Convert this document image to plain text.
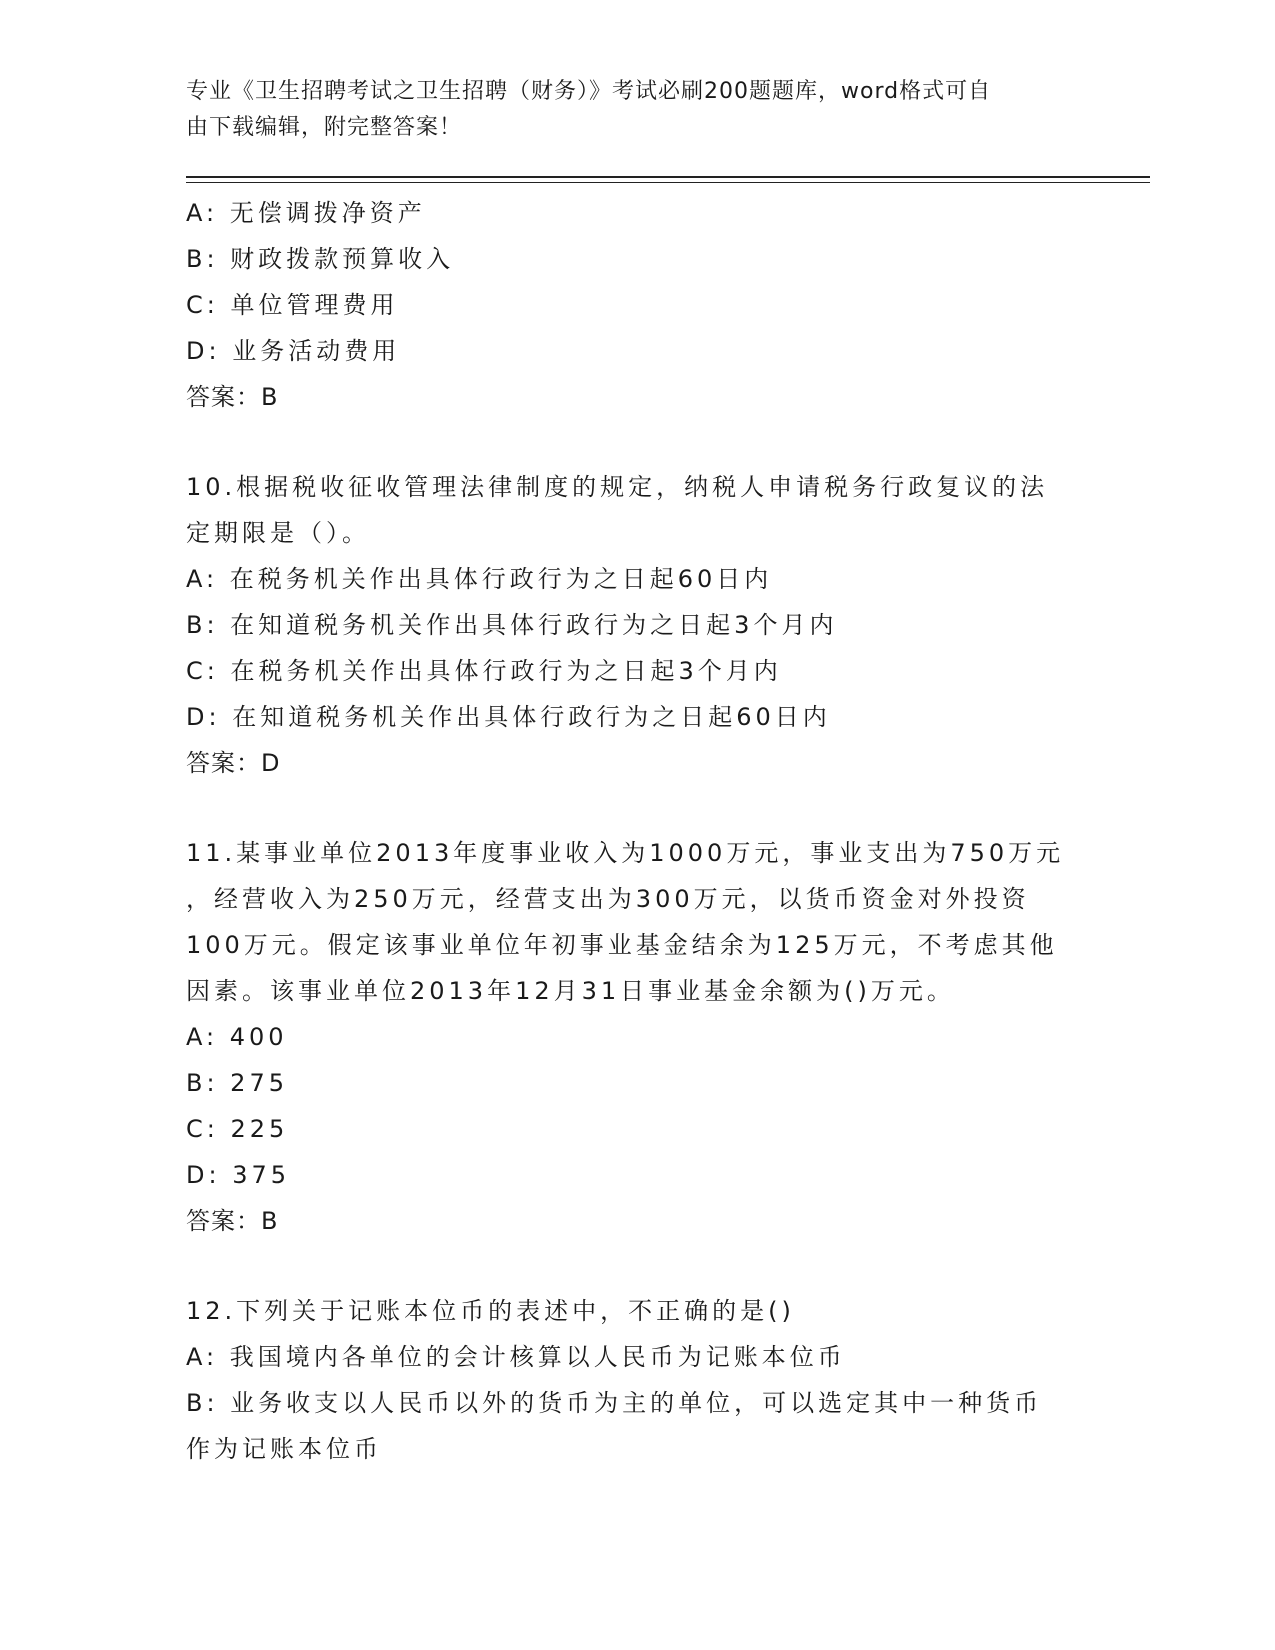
专业《卫生招聘考试之卫生招聘（财务）》考试必刷200题题库，word格式可自
由下载编辑，附完整答案！
A: 无偿调拨净资产
B: 财政拨款预算收入
C: 单位管理费用
D: 业务活动费用
答案：B
10.根据税收征收管理法律制度的规定，纳税人申请税务行政复议的法
定期限是（）。
A: 在税务机关作出具体行政行为之日起60日内
B: 在知道税务机关作出具体行政行为之日起3个月内
C: 在税务机关作出具体行政行为之日起3个月内
D: 在知道税务机关作出具体行政行为之日起60日内
答案：D
11.某事业单位2013年度事业收入为1000万元，事业支出为750万元
，经营收入为250万元，经营支出为300万元，以货币资金对外投资
100万元。假定该事业单位年初事业基金结余为125万元，不考虑其他
因素。该事业单位2013年12月31日事业基金余额为()万元。
A: 400
B: 275
C: 225
D: 375
答案：B
12.下列关于记账本位币的表述中，不正确的是()
A: 我国境内各单位的会计核算以人民币为记账本位币
B: 业务收支以人民币以外的货币为主的单位，可以选定其中一种货币
作为记账本位币
